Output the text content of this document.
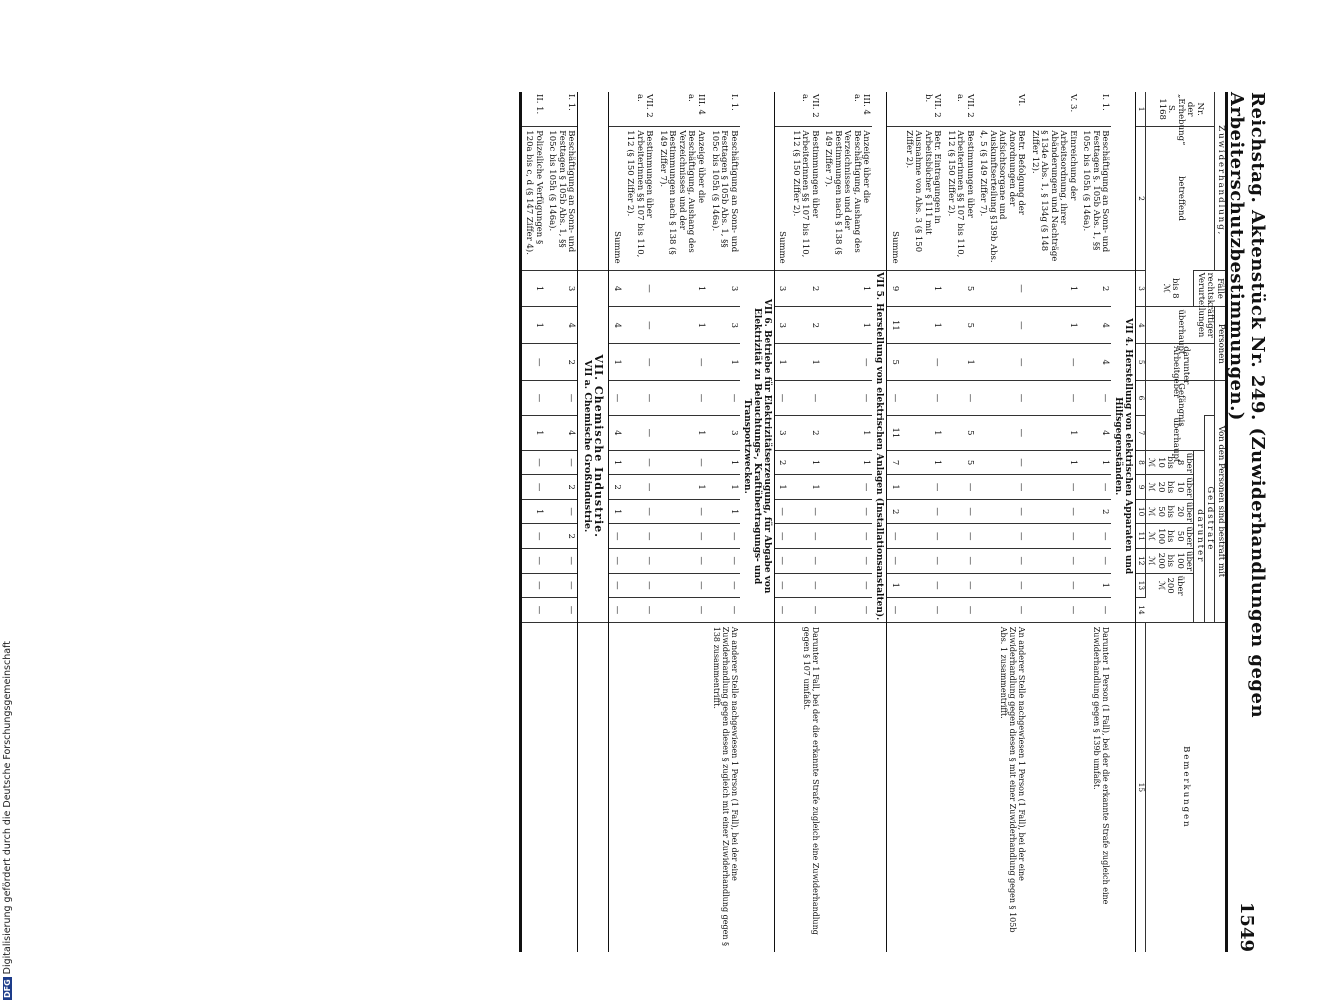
Reichstag. Aktenstück Nr. 249. (Zuwiderhandlungen gegen Arbeiterschutzbestimmungen.)
1549
Zuwiderhandlung,		Fälle rechtskräftiger Verurteilungen	Personen		Von den Personen sind bestraft mit									Bemerkungen
Nr. der „Erhebung“ S. 1168	betreffend		überhaupt	darunter Arbeitgeber	Gefängnis	Geldstrafe								
						überhaupt	darunter							
		bis 8 ℳ					über 8 bis 10 ℳ	über 10 bis 20 ℳ	über 20 bis 50 ℳ	über 50 bis 100 ℳ	über 100 bis 200 ℳ	über 200 ℳ		
1	2	3	4	5	6	7	8	9	10	11	12	13	14	15
		VII 4. Herstellung von elektrischen Apparaten und Hilfsgegenständen.												
I. 1.	Beschäftigung an Sonn- und Festtagen §. 105b Abs. 1, §§ 105c bis 105h (§ 146a).	2	4	4	—	4	1	—	2	—	—	1	—	Darunter 1 Person (1 Fall), bei der die erkannte Strafe zugleich eine Zuwiderhandlung gegen § 139b umfaßt.
V. 3.	Einreichung der Arbeitsordnung, ihrer Abänderungen und Nachträge § 134e Abs. 1, § 134g (§ 148 Ziffer 12).	1	1	—	—	1	1	—	—	—	—	—	—	
VI.	Betr. Befolgung der Anordnungen der Aufsichtsorgane und Auskunftserteilung §139b Abs. 4, 5 (§ 149 Ziffer 7).	—	—	—	—	—	—	—	—	—	—	—	—	An anderer Stelle nachgewiesen 1 Person (1 Fall), bei der eine Zuwiderhandlung gegen diesen § mit einer Zuwiderhandlung gegen § 105b Abs. 1 zusammentrifft.
VII. 2 a.	Bestimmungen über Arbeiterinnen §§ 107 bis 110, 112 (§ 150 Ziffer 2).	5	5	1	—	5	5	—	—	—	—	—	—	
VII. 2 b.	Betr. Eintragungen in Arbeitsbücher § 111 mit Ausnahme von Abs. 3 (§ 150 Ziffer 2).	1	1	—	—	1	1	—	—	—	—	—	—	
	Summe	9	11	5	—	11	7	1	2	—	—	1	—	
		VII 5. Herstellung von elektrischen Anlagen (Installationsanstalten).												
III. 4 a.	Anzeige über die Beschäftigung, Aushang des Verzeichnisses und der Bestimmungen nach § 138 (§ 149 Ziffer 7).	1	1	—	—	1	1	—	—	—	—	—	—	
VII. 2 a.	Bestimmungen über Arbeiterinnen §§ 107 bis 110, 112 (§ 150 Ziffer 2).	2	2	1	—	2	1	1	—	—	—	—	—	Darunter 1 Fall, bei der die erkannte Strafe zugleich eine Zuwiderhandlung gegen § 107 umfaßt.
	Summe	3	3	1	—	3	2	1	—	—	—	—	—	
		VII 6. Betriebe für Elektrizitätserzeugung, für Abgabe von Elektrizität zu Beleuchtungs-, Kraftübertragungs- und Transportzwecken.												
I. 1.	Beschäftigung an Sonn- und Festtagen § 105b Abs. 1, §§ 105c bis 105h (§ 146a).	3	3	1	—	3	1	1	1	—	—	—	—	An anderer Stelle nachgewiesen 1 Person (1 Fall), bei der eine Zuwiderhandlung gegen diesen § zugleich mit einer Zuwiderhandlung gegen § 138 zusammentrifft.
III. 4 a.	Anzeige über die Beschäftigung, Aushang des Verzeichnisses und der Bestimmungen nach § 138 (§ 149 Ziffer 7).	1	1	—	—	1	—	1	—	—	—	—	—	
VII. 2 a.	Bestimmungen über Arbeiterinnen §§ 107 bis 110, 112 (§ 150 Ziffer 2).	—	—	—	—	—	—	—	—	—	—	—	—	
	Summe	4	4	1	—	4	1	2	1	—	—	—	—	
		VII. Chemische Industrie.												
		VII a. Chemische Großindustrie.												
I. 1.	Beschäftigung an Sonn- und Festtagen § 105b Abs. 1, §§ 105c bis 105h (§ 146a).	3	4	2	—	4	—	2	—	2	—	—	—	
II. 1.	Polizeiliche Verfügungen § 120a bis c, d (§ 147 Ziffer 4).	1	1	—	—	1	—	—	1	—	—	—	—	
DFGDigitalisierung gefördert durch die Deutsche Forschungsgemeinschaft
